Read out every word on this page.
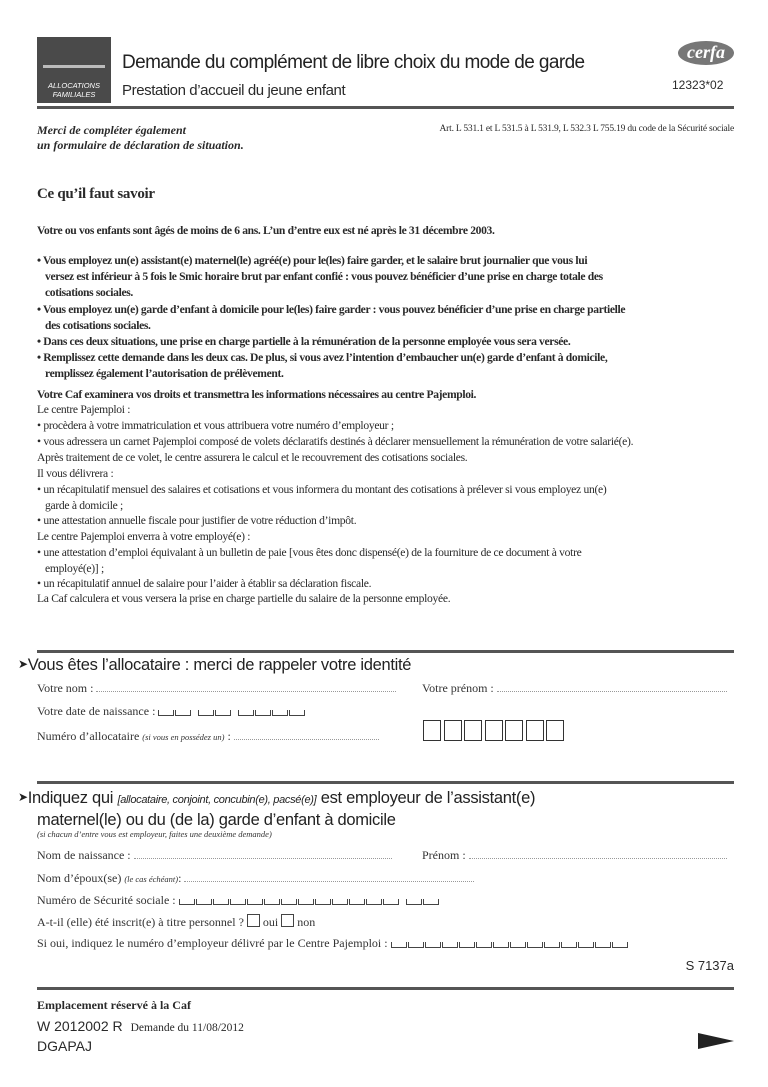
ALLOCATIONS
FAMILIALES
Demande du complément de libre choix du mode de garde
Prestation d’accueil du jeune enfant
cerfa
12323*02
Merci de compléter également
un formulaire de déclaration de situation.
Art. L 531.1 et L 531.5 à L 531.9, L 532.3 L 755.19 du code de la Sécurité sociale
Ce qu’il faut savoir
Votre ou vos enfants sont âgés de moins de 6 ans. L’un d’entre eux est né après le 31 décembre 2003.
• Vous employez un(e) assistant(e) maternel(le) agréé(e) pour le(les) faire garder, et le salaire brut journalier que vous lui
versez est inférieur à 5 fois le Smic horaire brut par enfant confié : vous pouvez bénéficier d’une prise en charge totale des
cotisations sociales.
• Vous employez un(e) garde d’enfant à domicile pour le(les) faire garder : vous pouvez bénéficier d’une prise en charge partielle
des cotisations sociales.
• Dans ces deux situations, une prise en charge partielle à la rémunération de la personne employée vous sera versée.
• Remplissez cette demande dans les deux cas. De plus, si vous avez l’intention d’embaucher un(e) garde d’enfant à domicile,
remplissez également l’autorisation de prélèvement.
Votre Caf examinera vos droits et transmettra les informations nécessaires au centre Pajemploi.
Le centre Pajemploi :
• procèdera à votre immatriculation et vous attribuera votre numéro d’employeur ;
• vous adressera un carnet Pajemploi composé de volets déclaratifs destinés à déclarer mensuellement la rémunération de votre salarié(e).
Après traitement de ce volet, le centre assurera le calcul et le recouvrement des cotisations sociales.
Il vous délivrera :
• un récapitulatif mensuel des salaires et cotisations et vous informera du montant des cotisations à prélever si vous employez un(e)
garde à domicile ;
• une attestation annuelle fiscale pour justifier de votre réduction d’impôt.
Le centre Pajemploi enverra à votre employé(e) :
• une attestation d’emploi équivalant à un bulletin de paie [vous êtes donc dispensé(e) de la fourniture de ce document à votre
employé(e)] ;
• un récapitulatif annuel de salaire pour l’aider à établir sa déclaration fiscale.
La Caf calculera et vous versera la prise en charge partielle du salaire de la personne employée.
➤Vous êtes l’allocataire : merci de rappeler votre identité
Votre nom :	Votre prénom :
Votre date de naissance :
Numéro d’allocataire (si vous en possédez un) :
➤Indiquez qui [allocataire, conjoint, concubin(e), pacsé(e)] est employeur de l’assistant(e)
maternel(le) ou du (de la) garde d’enfant à domicile
(si chacun d’entre vous est employeur, faites une deuxième demande)
Nom de naissance :	Prénom :
Nom d’époux(se) (le cas échéant):
Numéro de Sécurité sociale :
A-t-il (elle) été inscrit(e) à titre personnel ? oui non
Si oui, indiquez le numéro d’employeur délivré par le Centre Pajemploi :
S 7137a
Emplacement réservé à la Caf
W 2012002 R Demande du 11/08/2012
DGAPAJ
